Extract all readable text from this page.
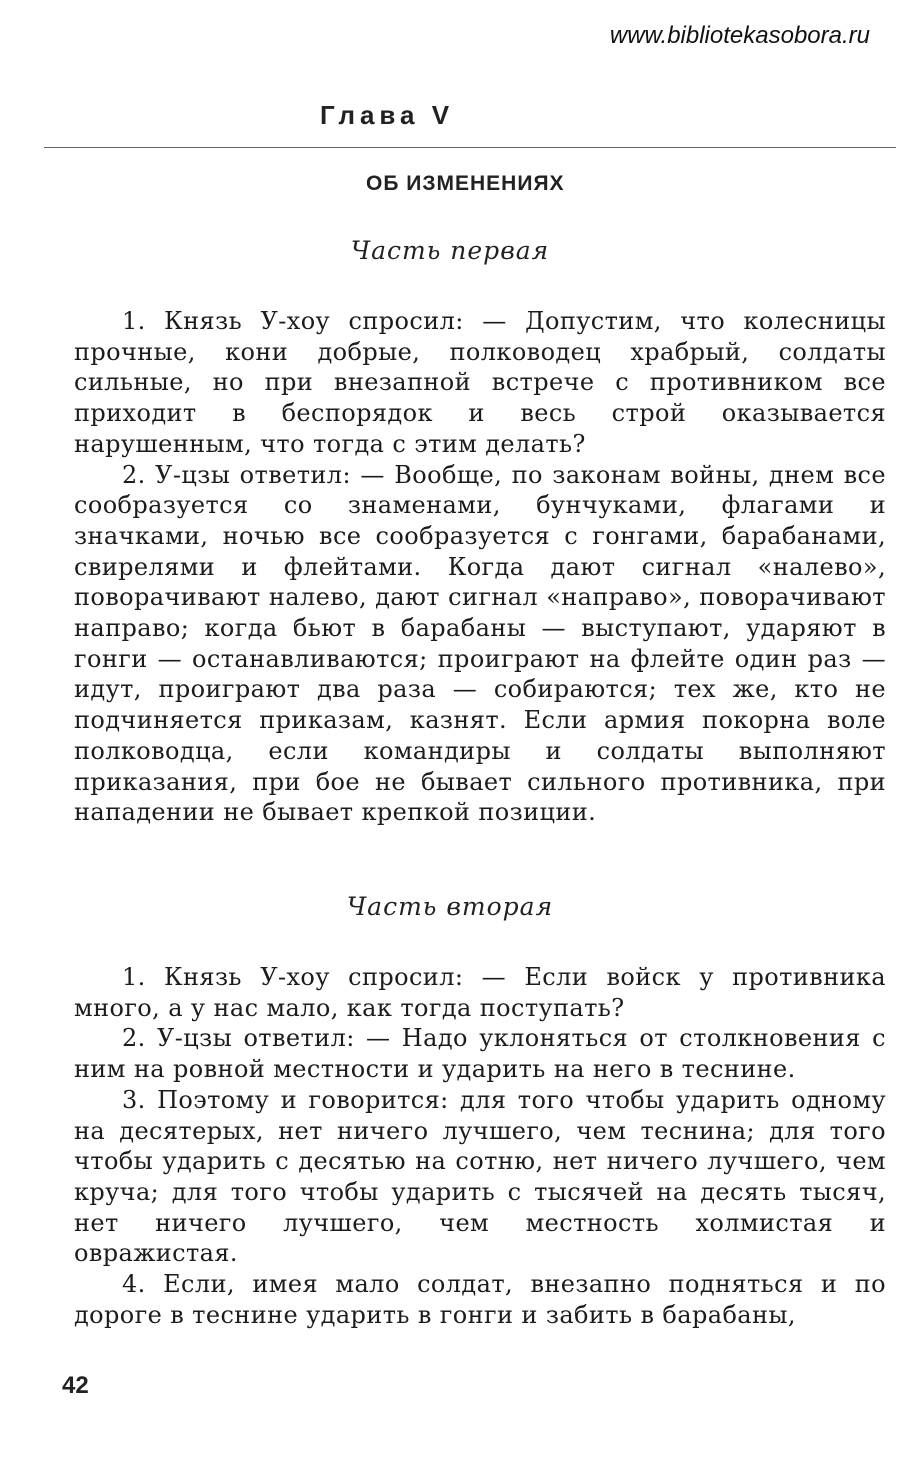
www.bibliotekasobora.ru
Глава V
ОБ ИЗМЕНЕНИЯХ
Часть первая

1. Князь У-хоу спросил: — Допустим, что колесницы прочные, кони добрые, полководец храбрый, солдаты сильные, но при внезапной встрече с противником все приходит в беспорядок и весь строй оказывается нарушенным, что тогда с этим делать?

2. У-цзы ответил: — Вообще, по законам войны, днем все сообразуется со знаменами, бунчуками, флагами и значками, ночью все сообразуется с гонгами, барабанами, свирелями и флейтами. Когда дают сигнал «налево», поворачивают налево, дают сигнал «направо», поворачивают направо; когда бьют в барабаны — выступают, ударяют в гонги — останавливаются; проиграют на флейте один раз — идут, проиграют два раза — собираются; тех же, кто не подчиняется приказам, казнят. Если армия покорна воле полководца, если командиры и солдаты выполняют приказания, при бое не бывает сильного противника, при нападении не бывает крепкой позиции.

Часть вторая

1. Князь У-хоу спросил: — Если войск у противника много, а у нас мало, как тогда поступать?

2. У-цзы ответил: — Надо уклоняться от столкновения с ним на ровной местности и ударить на него в теснине.

3. Поэтому и говорится: для того чтобы ударить одному на десятерых, нет ничего лучшего, чем теснина; для того чтобы ударить с десятью на сотню, нет ничего лучшего, чем круча; для того чтобы ударить с тысячей на десять тысяч, нет ничего лучшего, чем местность холмистая и овражистая.

4. Если, имея мало солдат, внезапно подняться и по дороге в теснине ударить в гонги и забить в барабаны,

42
